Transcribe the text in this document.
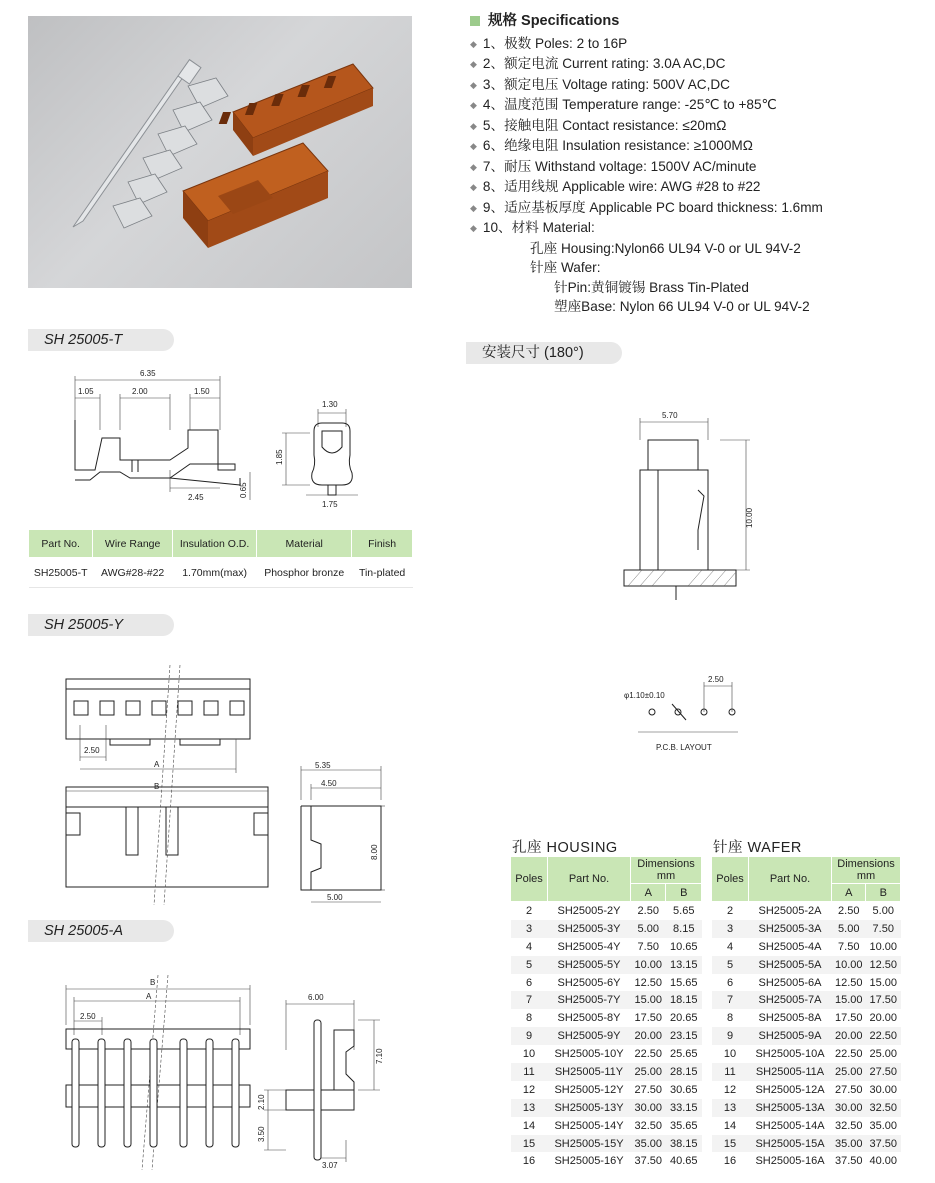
规格 Specifications
◆ 1、极数 Poles: 2 to 16P
◆ 2、额定电流 Current rating: 3.0A AC,DC
◆ 3、额定电压 Voltage rating: 500V AC,DC
◆ 4、温度范围 Temperature range: -25℃ to +85℃
◆ 5、接触电阻 Contact resistance: ≤20mΩ
◆ 6、绝缘电阻 Insulation resistance: ≥1000MΩ
◆ 7、耐压 Withstand voltage: 1500V AC/minute
◆ 8、适用线规 Applicable wire: AWG #28 to #22
◆ 9、适应基板厚度 Applicable PC board thickness: 1.6mm
◆ 10、材料 Material:
孔座 Housing:Nylon66 UL94 V-0 or UL 94V-2
针座 Wafer:
针Pin:黄铜镀锡 Brass Tin-Plated
塑座Base: Nylon 66 UL94 V-0 or UL 94V-2
SH 25005-T
安装尺寸 (180°)
SH 25005-Y
SH 25005-A
6.35
1.05	2.00	1.50
2.45	0.65
1.30
1.85
1.75
Part No.	Wire Range	Insulation O.D.	Material	Finish
SH25005-T	AWG#28-#22	1.70mm(max)	Phosphor bronze	Tin-plated
5.70
10.00
φ1.10±0.10
2.50
P.C.B. LAYOUT
2.50
A
B
5.35
4.50
8.00
5.00
B
A
2.50
6.00
7.10
2.10
3.50
3.07
孔座 HOUSING
Poles	Part No.	Dimensions mm	
		A	B
2	SH25005-2Y	2.50	5.65
3	SH25005-3Y	5.00	8.15
4	SH25005-4Y	7.50	10.65
5	SH25005-5Y	10.00	13.15
6	SH25005-6Y	12.50	15.65
7	SH25005-7Y	15.00	18.15
8	SH25005-8Y	17.50	20.65
9	SH25005-9Y	20.00	23.15
10	SH25005-10Y	22.50	25.65
11	SH25005-11Y	25.00	28.15
12	SH25005-12Y	27.50	30.65
13	SH25005-13Y	30.00	33.15
14	SH25005-14Y	32.50	35.65
15	SH25005-15Y	35.00	38.15
16	SH25005-16Y	37.50	40.65
针座 WAFER
Poles	Part No.	Dimensions mm	
		A	B
2	SH25005-2A	2.50	5.00
3	SH25005-3A	5.00	7.50
4	SH25005-4A	7.50	10.00
5	SH25005-5A	10.00	12.50
6	SH25005-6A	12.50	15.00
7	SH25005-7A	15.00	17.50
8	SH25005-8A	17.50	20.00
9	SH25005-9A	20.00	22.50
10	SH25005-10A	22.50	25.00
11	SH25005-11A	25.00	27.50
12	SH25005-12A	27.50	30.00
13	SH25005-13A	30.00	32.50
14	SH25005-14A	32.50	35.00
15	SH25005-15A	35.00	37.50
16	SH25005-16A	37.50	40.00
